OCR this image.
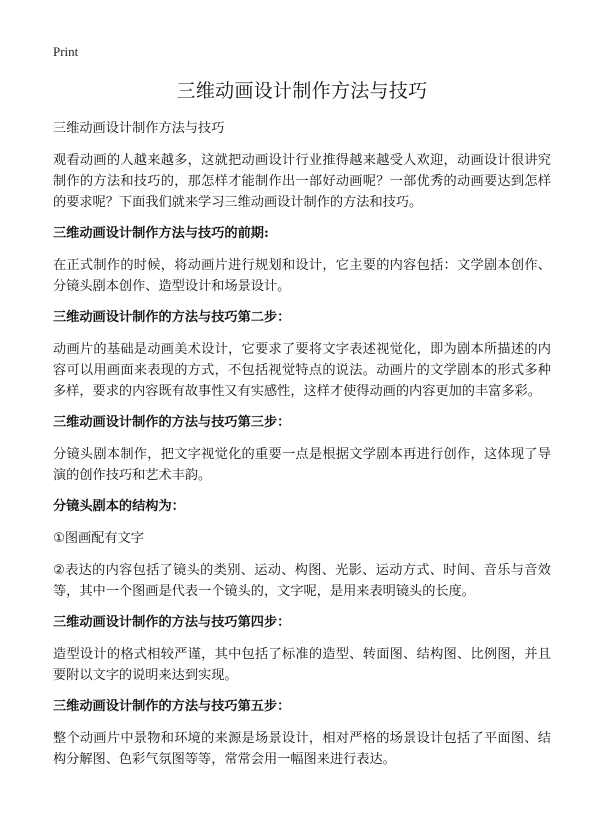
Print
三维动画设计制作方法与技巧

三维动画设计制作方法与技巧

观看动画的人越来越多，这就把动画设计行业推得越来越受人欢迎，动画设计很讲究制作的方法和技巧的，那怎样才能制作出一部好动画呢？一部优秀的动画要达到怎样的要求呢？下面我们就来学习三维动画设计制作的方法和技巧。

三维动画设计制作方法与技巧的前期:

在正式制作的时候，将动画片进行规划和设计，它主要的内容包括：文学剧本创作、分镜头剧本创作、造型设计和场景设计。

三维动画设计制作的方法与技巧第二步：

动画片的基础是动画美术设计，它要求了要将文字表述视觉化，即为剧本所描述的内容可以用画面来表现的方式，不包括视觉特点的说法。动画片的文学剧本的形式多种多样，要求的内容既有故事性又有实感性，这样才使得动画的内容更加的丰富多彩。

三维动画设计制作的方法与技巧第三步：

分镜头剧本制作，把文字视觉化的重要一点是根据文学剧本再进行创作，这体现了导演的创作技巧和艺术丰韵。

分镜头剧本的结构为：

①图画配有文字

②表达的内容包括了镜头的类别、运动、构图、光影、运动方式、时间、音乐与音效等，其中一个图画是代表一个镜头的，文字呢，是用来表明镜头的长度。

三维动画设计制作的方法与技巧第四步：

造型设计的格式相较严谨，其中包括了标准的造型、转面图、结构图、比例图，并且要附以文字的说明来达到实现。

三维动画设计制作的方法与技巧第五步：

整个动画片中景物和环境的来源是场景设计，相对严格的场景设计包括了平面图、结构分解图、色彩气氛图等等，常常会用一幅图来进行表达。
